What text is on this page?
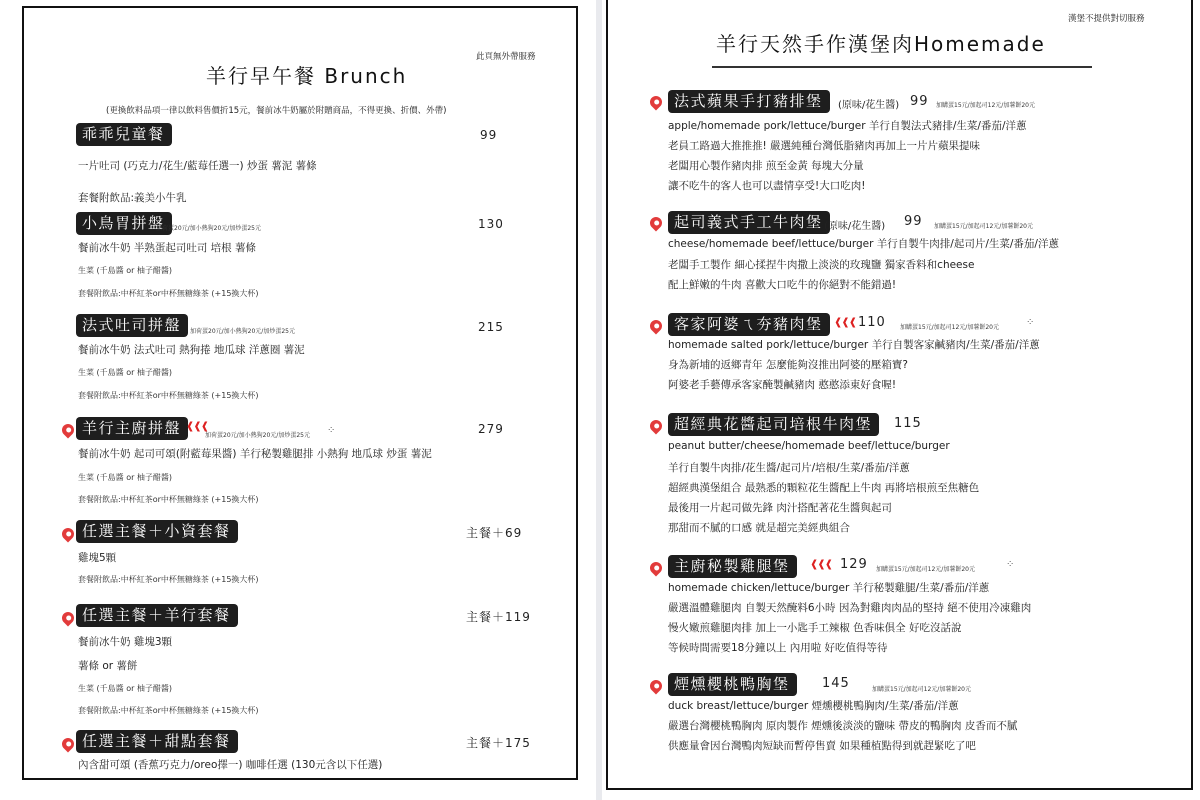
羊行早午餐 Brunch
此頁無外帶服務
(更換飲料品項一律以飲料售價折15元，餐前冰牛奶屬於附贈商品，不得更換、折價、外帶)
乖乖兒童餐	99
一片吐司 (巧克力/花生/藍莓任選一) 炒蛋 薯泥 薯條
套餐附飲品:義美小牛乳
小鳥胃拼盤
加荷蛋20元/加小熱狗20元/加炒蛋25元	130
餐前冰牛奶 半熟蛋起司吐司 培根 薯條
生菜 (千島醬 or 柚子醋醬)
套餐附飲品:中杯紅茶or中杯無糖綠茶 (+15換大杯)
法式吐司拼盤	加荷蛋20元/加小熱狗20元/加炒蛋25元	215
餐前冰牛奶 法式吐司 熱狗捲 地瓜球 洋蔥圈 薯泥
生菜 (千島醬 or 柚子醋醬)
套餐附飲品:中杯紅茶or中杯無糖綠茶 (+15換大杯)
羊行主廚拼盤 ❰❰❰
加荷蛋20元/加小熱狗20元/加炒蛋25元 ⁘	279
餐前冰牛奶 起司可頌(附藍莓果醬) 羊行秘製雞腿排 小熱狗 地瓜球 炒蛋 薯泥
生菜 (千島醬 or 柚子醋醬)
套餐附飲品:中杯紅茶or中杯無糖綠茶 (+15換大杯)
任選主餐＋小資套餐	主餐＋69
雞塊5顆
套餐附飲品:中杯紅茶or中杯無糖綠茶 (+15換大杯)
任選主餐＋羊行套餐	主餐＋119
餐前冰牛奶 雞塊3顆
薯條 or 薯餅
生菜 (千島醬 or 柚子醋醬)
套餐附飲品:中杯紅茶or中杯無糖綠茶 (+15換大杯)
任選主餐＋甜點套餐	主餐＋175
內含甜可頌 (香蕉巧克力/oreo擇一) 咖啡任選 (130元含以下任選)
漢堡不提供對切服務
羊行天然手作漢堡肉Homemade
法式蘋果手打豬排堡	(原味/花生醬) 99 加購蛋15元/加起司12元/加薯餅20元
apple/homemade pork/lettuce/burger 羊行自製法式豬排/生菜/番茄/洋蔥
老員工路過大推推推! 嚴選純種台灣低脂豬肉再加上一片片蘋果提味
老闆用心製作豬肉排 煎至金黃 每塊大分量
讓不吃牛的客人也可以盡情享受!大口吃肉!
起司義式手工牛肉堡 (原味/花生醬) 99 加購蛋15元/加起司12元/加薯餅20元
cheese/homemade beef/lettuce/burger 羊行自製牛肉排/起司片/生菜/番茄/洋蔥
老闆手工製作 細心揉捏牛肉撒上淡淡的玫瑰鹽 獨家香料和cheese
配上鮮嫩的牛肉 喜歡大口吃牛的你絕對不能錯過!
客家阿婆ㄟ夯豬肉堡	❰❰❰ 110 加購蛋15元/加起司12元/加薯餅20元	⁘
homemade salted pork/lettuce/burger 羊行自製客家鹹豬肉/生菜/番茄/洋蔥
身為新埔的返鄉青年 怎麼能夠沒推出阿婆的壓箱寶?
阿婆老手藝傳承客家醃製鹹豬肉 憨憨添東好食喔!
超經典花醬起司培根牛肉堡	115
peanut butter/cheese/homemade beef/lettuce/burger
羊行自製牛肉排/花生醬/起司片/培根/生菜/番茄/洋蔥
超經典漢堡組合 最熟悉的顆粒花生醬配上牛肉 再將培根煎至焦糖色
最後用一片起司做先鋒 肉汁搭配著花生醬與起司
那甜而不膩的口感 就是超完美經典組合
主廚秘製雞腿堡	❰❰❰ 129 加購蛋15元/加起司12元/加薯餅20元	⁘
homemade chicken/lettuce/burger 羊行秘製雞腿/生菜/番茄/洋蔥
嚴選溫體雞腿肉 自製天然醃料6小時 因為對雞肉肉品的堅持 絕不使用冷凍雞肉
慢火嫩煎雞腿肉排 加上一小匙手工辣椒 色香味俱全 好吃沒話說
等候時間需要18分鐘以上 內用啦 好吃值得等待
煙燻櫻桃鴨胸堡	145	加購蛋15元/加起司12元/加薯餅20元
duck breast/lettuce/burger 煙燻櫻桃鴨胸肉/生菜/番茄/洋蔥
嚴選台灣櫻桃鴨胸肉 原肉製作 煙燻後淡淡的鹽味 帶皮的鴨胸肉 皮香而不膩
供應量會因台灣鴨肉短缺而暫停售賣 如果種植點得到就趕緊吃了吧
